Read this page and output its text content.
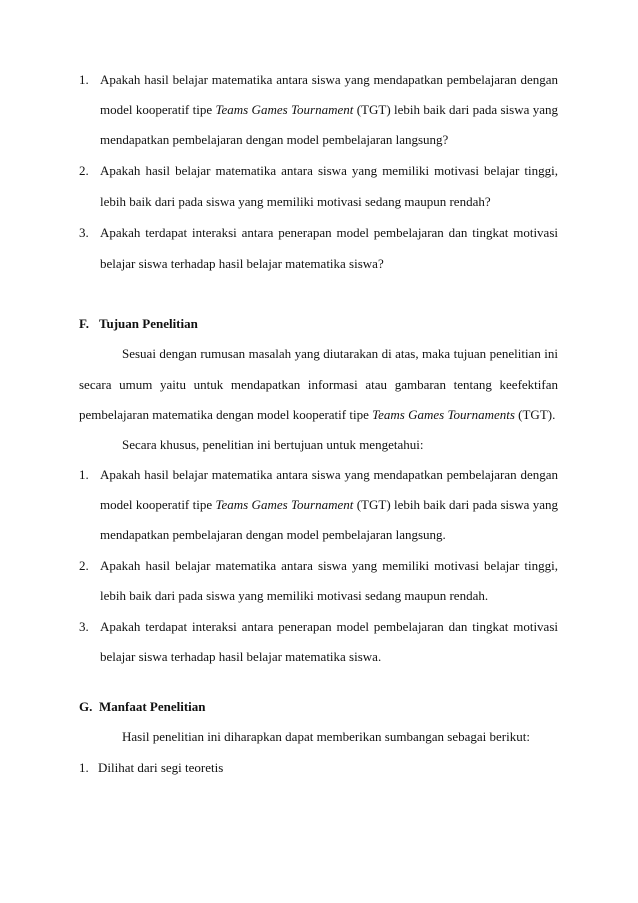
1. Apakah hasil belajar matematika antara siswa yang mendapatkan pembelajaran dengan
model kooperatif tipe Teams Games Tournament (TGT) lebih baik dari pada siswa yang
mendapatkan pembelajaran dengan model pembelajaran langsung?
2. Apakah hasil belajar matematika antara siswa yang memiliki motivasi belajar tinggi,
lebih baik dari pada siswa yang memiliki motivasi sedang maupun rendah?
3. Apakah terdapat interaksi antara penerapan model pembelajaran dan tingkat motivasi
belajar siswa terhadap hasil belajar matematika siswa?
F. Tujuan Penelitian
Sesuai dengan rumusan masalah yang diutarakan di atas, maka tujuan penelitian ini
secara umum yaitu untuk mendapatkan informasi atau gambaran tentang keefektifan
pembelajaran matematika dengan model kooperatif tipe Teams Games Tournaments (TGT).
Secara khusus, penelitian ini bertujuan untuk mengetahui:
1. Apakah hasil belajar matematika antara siswa yang mendapatkan pembelajaran dengan
model kooperatif tipe Teams Games Tournament (TGT) lebih baik dari pada siswa yang
mendapatkan pembelajaran dengan model pembelajaran langsung.
2. Apakah hasil belajar matematika antara siswa yang memiliki motivasi belajar tinggi,
lebih baik dari pada siswa yang memiliki motivasi sedang maupun rendah.
3. Apakah terdapat interaksi antara penerapan model pembelajaran dan tingkat motivasi
belajar siswa terhadap hasil belajar matematika siswa.
G. Manfaat Penelitian
Hasil penelitian ini diharapkan dapat memberikan sumbangan sebagai berikut:
1. Dilihat dari segi teoretis
